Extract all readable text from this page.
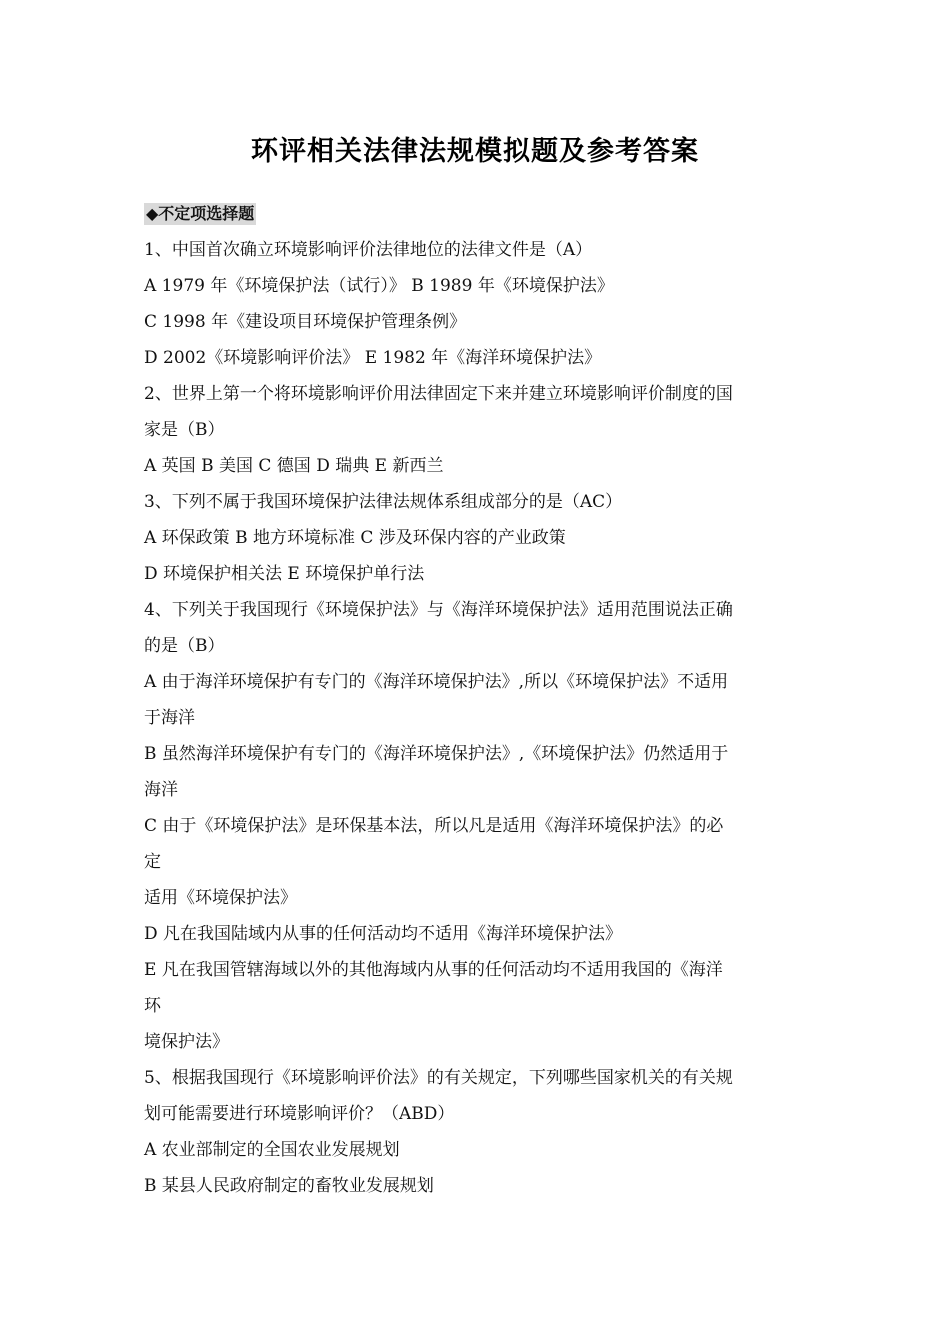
环评相关法律法规模拟题及参考答案
◆不定项选择题
1、中国首次确立环境影响评价法律地位的法律文件是（A）
A 1979 年《环境保护法（试行）》 B 1989 年《环境保护法》
C 1998 年《建设项目环境保护管理条例》
D 2002《环境影响评价法》 E 1982 年《海洋环境保护法》
2、世界上第一个将环境影响评价用法律固定下来并建立环境影响评价制度的国
家是（B）
A 英国 B 美国 C 德国 D 瑞典 E 新西兰
3、下列不属于我国环境保护法律法规体系组成部分的是（AC）
A 环保政策 B 地方环境标准 C 涉及环保内容的产业政策
D 环境保护相关法 E 环境保护单行法
4、下列关于我国现行《环境保护法》与《海洋环境保护法》适用范围说法正确
的是（B）
A 由于海洋环境保护有专门的《海洋环境保护法》,所以《环境保护法》不适用
于海洋
B 虽然海洋环境保护有专门的《海洋环境保护法》,《环境保护法》仍然适用于
海洋
C 由于《环境保护法》是环保基本法，所以凡是适用《海洋环境保护法》的必
定
适用《环境保护法》
D 凡在我国陆域内从事的任何活动均不适用《海洋环境保护法》
E 凡在我国管辖海域以外的其他海域内从事的任何活动均不适用我国的《海洋
环
境保护法》
5、根据我国现行《环境影响评价法》的有关规定，下列哪些国家机关的有关规
划可能需要进行环境影响评价？（ABD）
A 农业部制定的全国农业发展规划
B 某县人民政府制定的畜牧业发展规划
